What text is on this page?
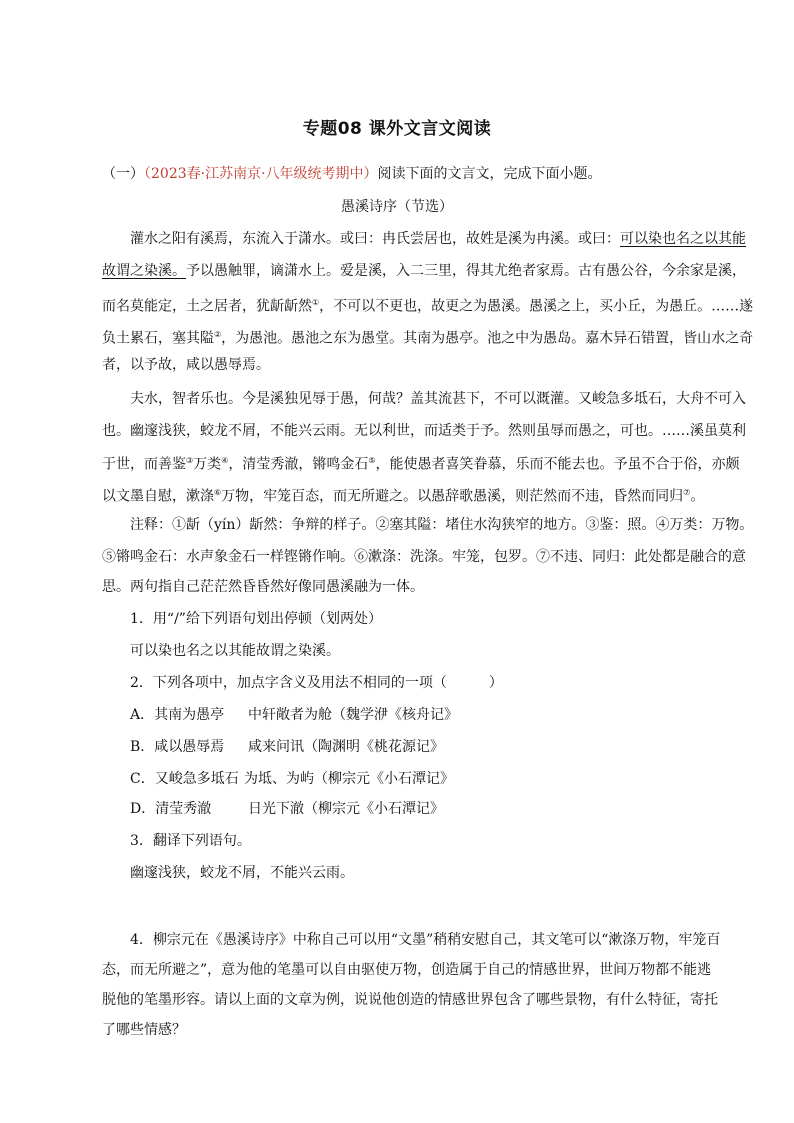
专题08 课外文言文阅读
（一）（2023春·江苏南京·八年级统考期中）阅读下面的文言文，完成下面小题。
愚溪诗序（节选）
灌水之阳有溪焉，东流入于潇水。或曰：冉氏尝居也，故姓是溪为冉溪。或曰：可以染也名之以其能
故谓之染溪。予以愚触罪，谪潇水上。爱是溪，入二三里，得其尤绝者家焉。古有愚公谷，今余家是溪，
而名莫能定，土之居者，犹龂龂然①，不可以不更也，故更之为愚溪。愚溪之上，买小丘，为愚丘。……遂
负土累石，塞其隘②，为愚池。愚池之东为愚堂。其南为愚亭。池之中为愚岛。嘉木异石错置，皆山水之奇
者，以予故，咸以愚辱焉。
夫水，智者乐也。今是溪独见辱于愚，何哉？盖其流甚下，不可以溉灌。又峻急多坻石，大舟不可入
也。幽邃浅狭，蛟龙不屑，不能兴云雨。无以利世，而适类于予。然则虽辱而愚之，可也。……溪虽莫利
于世，而善鉴③万类④，清莹秀澈，锵鸣金石⑤，能使愚者喜笑眷慕，乐而不能去也。予虽不合于俗，亦颇
以文墨自慰，漱涤⑥万物，牢笼百态，而无所避之。以愚辞歌愚溪，则茫然而不违，昏然而同归⑦。
注释：①龂（yín）龂然：争辩的样子。②塞其隘：堵住水沟狭窄的地方。③鉴：照。④万类：万物。
⑤锵鸣金石：水声象金石一样铿锵作响。⑥漱涤：洗涤。牢笼，包罗。⑦不违、同归：此处都是融合的意
思。两句指自己茫茫然昏昏然好像同愚溪融为一体。
1．用“/”给下列语句划出停顿（划两处）
可以染也名之以其能故谓之染溪。
2．下列各项中，加点字含义及用法不相同的一项（　　　）
A．其南为愚亭 中轩敞者为舱（魏学洢《核舟记》
B．咸以愚辱焉 咸来问讯（陶渊明《桃花源记》
C．又峻急多坻石 为坻、为屿（柳宗元《小石潭记》
D．清莹秀澈	日光下澈（柳宗元《小石潭记》
3．翻译下列语句。
幽邃浅狭，蛟龙不屑，不能兴云雨。
4．柳宗元在《愚溪诗序》中称自己可以用“文墨”稍稍安慰自己，其文笔可以“漱涤万物，牢笼百态，而无所避之”，意为他的笔墨可以自由驱使万物，创造属于自己的情感世界，世间万物都不能逃脱他的笔墨形容。请以上面的文章为例，说说他创造的情感世界包含了哪些景物，有什么特征，寄托了哪些情感？
